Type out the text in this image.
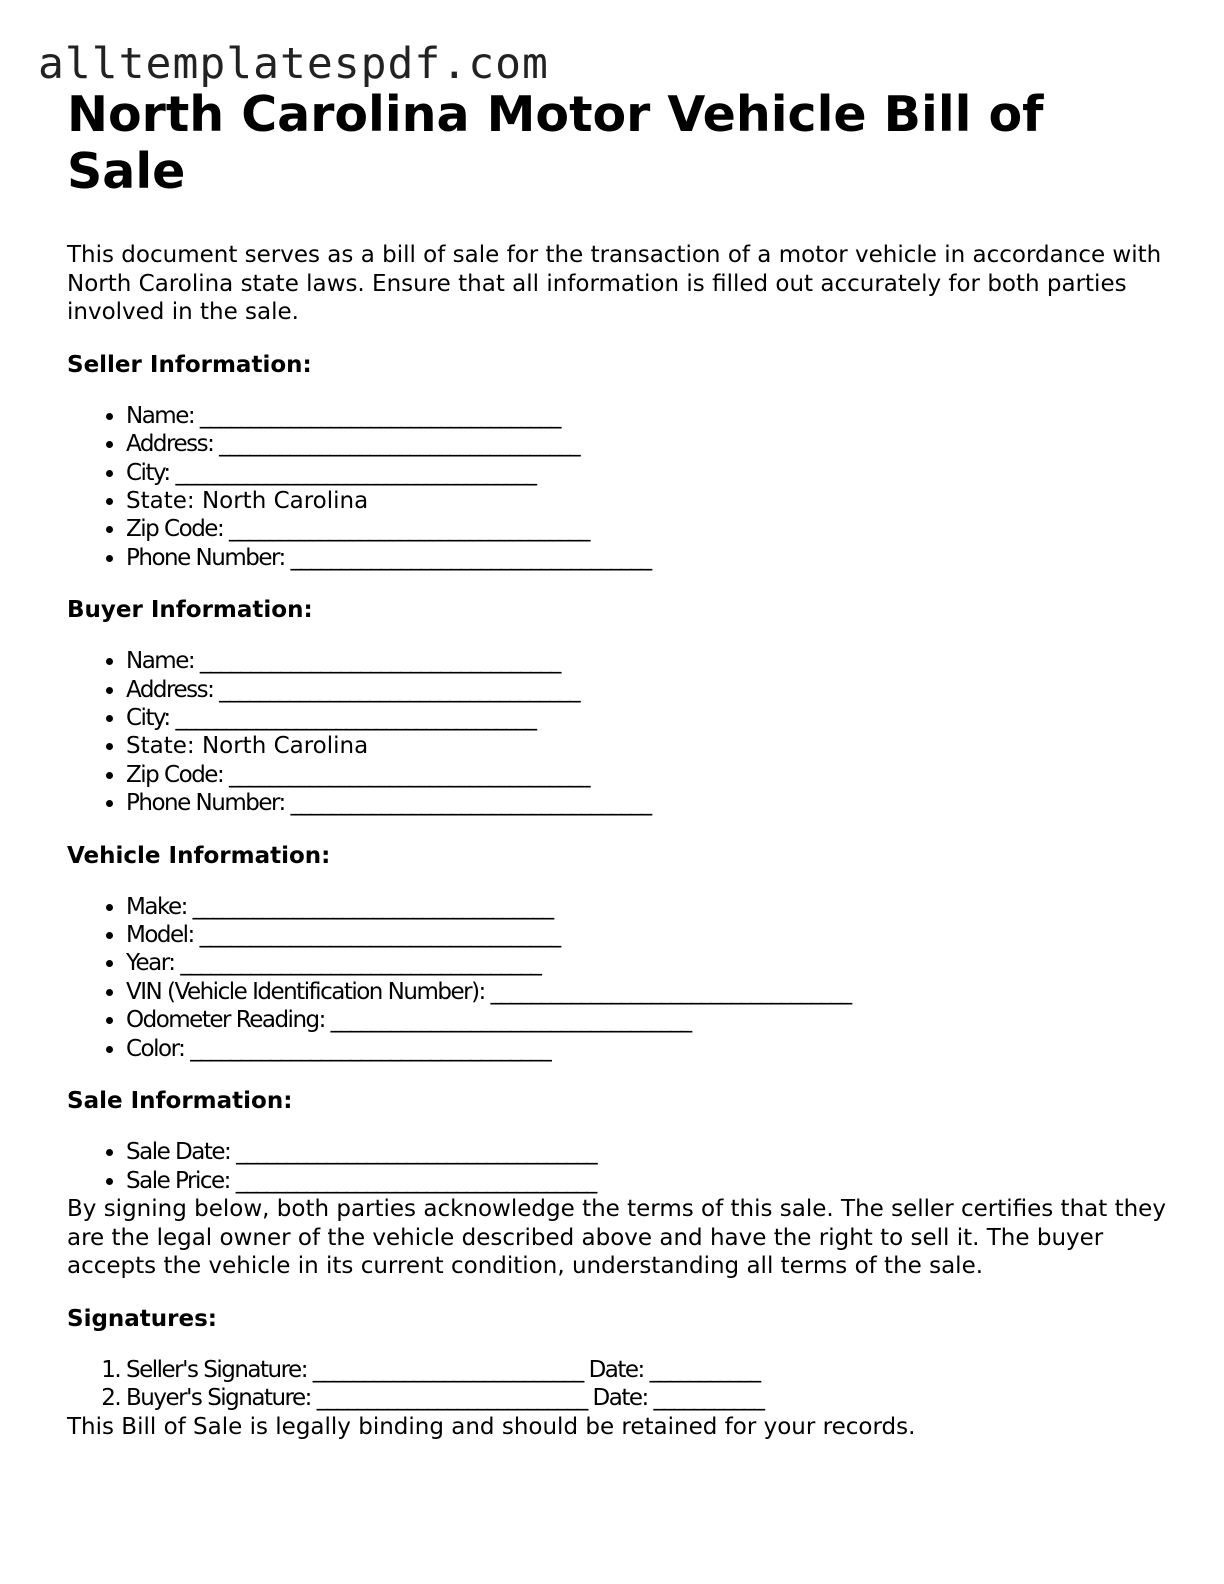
alltemplatespdf.com
North Carolina Motor Vehicle Bill of Sale

This document serves as a bill of sale for the transaction of a motor vehicle in accordance with North Carolina state laws. Ensure that all information is filled out accurately for both parties involved in the sale.

Seller Information:
• Name: ____________________________________
• Address: ____________________________________
• City: ____________________________________
• State: North Carolina
• Zip Code: ____________________________________
• Phone Number: ____________________________________
Buyer Information:
• Name: ____________________________________
• Address: ____________________________________
• City: ____________________________________
• State: North Carolina
• Zip Code: ____________________________________
• Phone Number: ____________________________________
Vehicle Information:
• Make: ____________________________________
• Model: ____________________________________
• Year: ____________________________________
• VIN (Vehicle Identification Number): ____________________________________
• Odometer Reading: ____________________________________
• Color: ____________________________________
Sale Information:
• Sale Date: ____________________________________
• Sale Price: ____________________________________

By signing below, both parties acknowledge the terms of this sale. The seller certifies that they are the legal owner of the vehicle described above and have the right to sell it. The buyer accepts the vehicle in its current condition, understanding all terms of the sale.

Signatures:
1. Seller's Signature: ___________________________ Date: ___________
2. Buyer's Signature: ___________________________ Date: ___________

This Bill of Sale is legally binding and should be retained for your records.
